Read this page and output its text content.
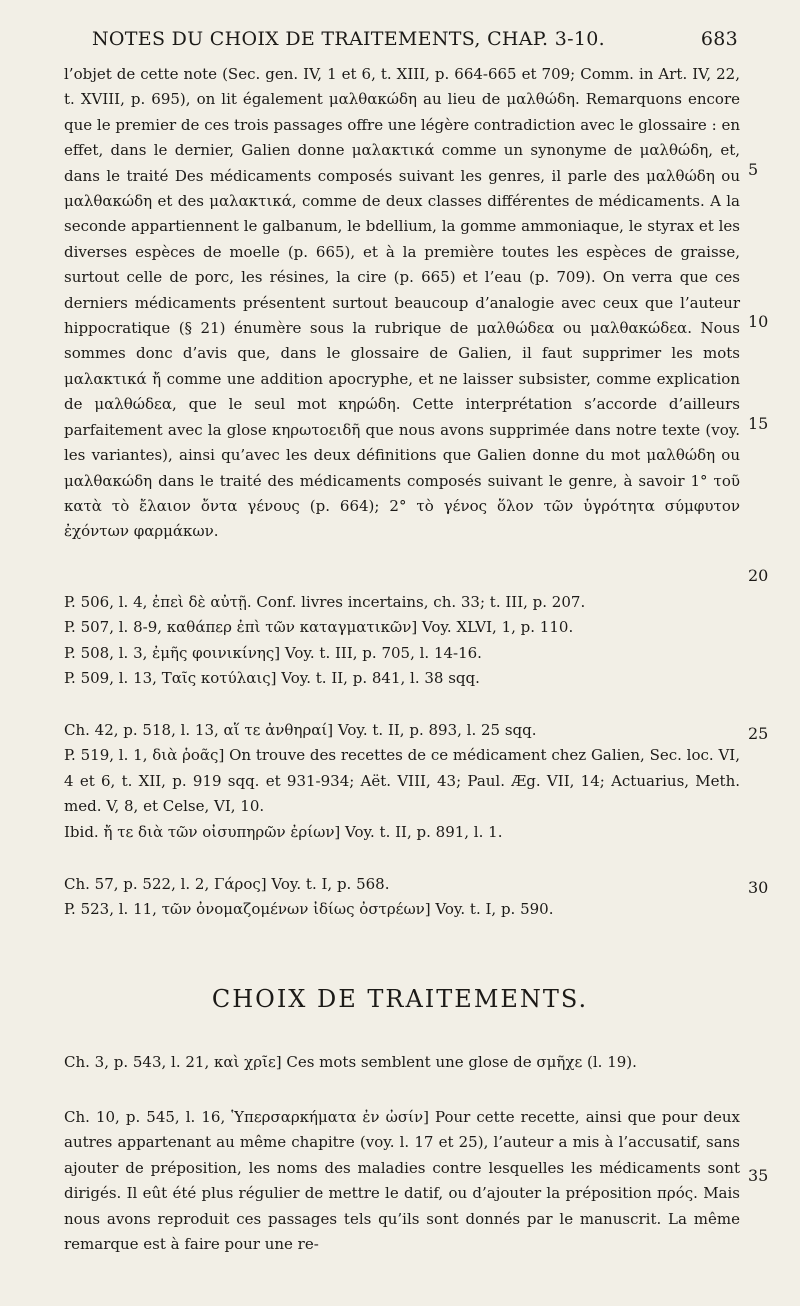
NOTES DU CHOIX DE TRAITEMENTS, CHAP. 3-10.	683

l’objet de cette note (Sec. gen. IV, 1 et 6, t. XIII, p. 664-665 et 709; Comm. in Art. IV, 22, t. XVIII, p. 695), on lit également μαλθακώδη au lieu de μαλθώδη. Remarquons encore que le premier de ces trois passages offre une légère contradiction avec le glossaire : en effet, dans le dernier, Galien donne μαλακτικά comme un synonyme de μαλθώδη, et, dans le traité Des médicaments composés suivant les genres, il parle des μαλθώδη ou μαλθακώδη et des μαλακτικά, comme de deux classes différentes de médicaments. A la seconde appartiennent le galbanum, le bdellium, la gomme ammoniaque, le styrax et les diverses espèces de moelle (p. 665), et à la première toutes les espèces de graisse, surtout celle de porc, les résines, la cire (p. 665) et l’eau (p. 709). On verra que ces derniers médicaments présentent surtout beaucoup d’analogie avec ceux que l’auteur hippocratique (§ 21) énumère sous la rubrique de μαλθώδεα ou μαλθακώδεα. Nous sommes donc d’avis que, dans le glossaire de Galien, il faut supprimer les mots μαλακτικά ἤ comme une addition apocryphe, et ne laisser subsister, comme explication de μαλθώδεα, que le seul mot κηρώδη. Cette interprétation s’accorde d’ailleurs parfaitement avec la glose κηρωτοειδῆ que nous avons supprimée dans notre texte (voy. les variantes), ainsi qu’avec les deux définitions que Galien donne du mot μαλθώδη ou μαλθακώδη dans le traité des médicaments composés suivant le genre, à savoir 1° τοῦ κατὰ τὸ ἔλαιον ὄντα γένους (p. 664); 2° τὸ γένος ὅλον τῶν ὑγρότητα σύμφυτον ἐχόντων φαρμάκων.

P. 506, l. 4, ἐπεὶ δὲ αὐτῇ. Conf. livres incertains, ch. 33; t. III, p. 207.

P. 507, l. 8-9, καθάπερ ἐπὶ τῶν καταγματικῶν] Voy. XLVI, 1, p. 110.

P. 508, l. 3, ἐμῆς φοινικίνης] Voy. t. III, p. 705, l. 14-16.

P. 509, l. 13, Ταῖς κοτύλαις] Voy. t. II, p. 841, l. 38 sqq.

Ch. 42, p. 518, l. 13, αἵ τε ἀνθηραί] Voy. t. II, p. 893, l. 25 sqq.

P. 519, l. 1, διὰ ῥοᾶς] On trouve des recettes de ce médicament chez Galien, Sec. loc. VI, 4 et 6, t. XII, p. 919 sqq. et 931-934; Aët. VIII, 43; Paul. Æg. VII, 14; Actuarius, Meth. med. V, 8, et Celse, VI, 10.

Ibid. ἤ τε διὰ τῶν οἰσυπηρῶν ἐρίων] Voy. t. II, p. 891, l. 1.

Ch. 57, p. 522, l. 2, Γάρος] Voy. t. I, p. 568.

P. 523, l. 11, τῶν ὀνομαζομένων ἰδίως ὀστρέων] Voy. t. I, p. 590.

CHOIX DE TRAITEMENTS.

Ch. 3, p. 543, l. 21, καὶ χρῖε] Ces mots semblent une glose de σμῆχε (l. 19).

Ch. 10, p. 545, l. 16, Ὑπερσαρκήματα ἐν ὠσίν] Pour cette recette, ainsi que pour deux autres appartenant au même chapitre (voy. l. 17 et 25), l’auteur a mis à l’accusatif, sans ajouter de préposition, les noms des maladies contre lesquelles les médicaments sont dirigés. Il eût été plus régulier de mettre le datif, ou d’ajouter la préposition πρός. Mais nous avons reproduit ces passages tels qu’ils sont donnés par le manuscrit. La même remarque est à faire pour une re-

5
10
15
20
25
30
35
